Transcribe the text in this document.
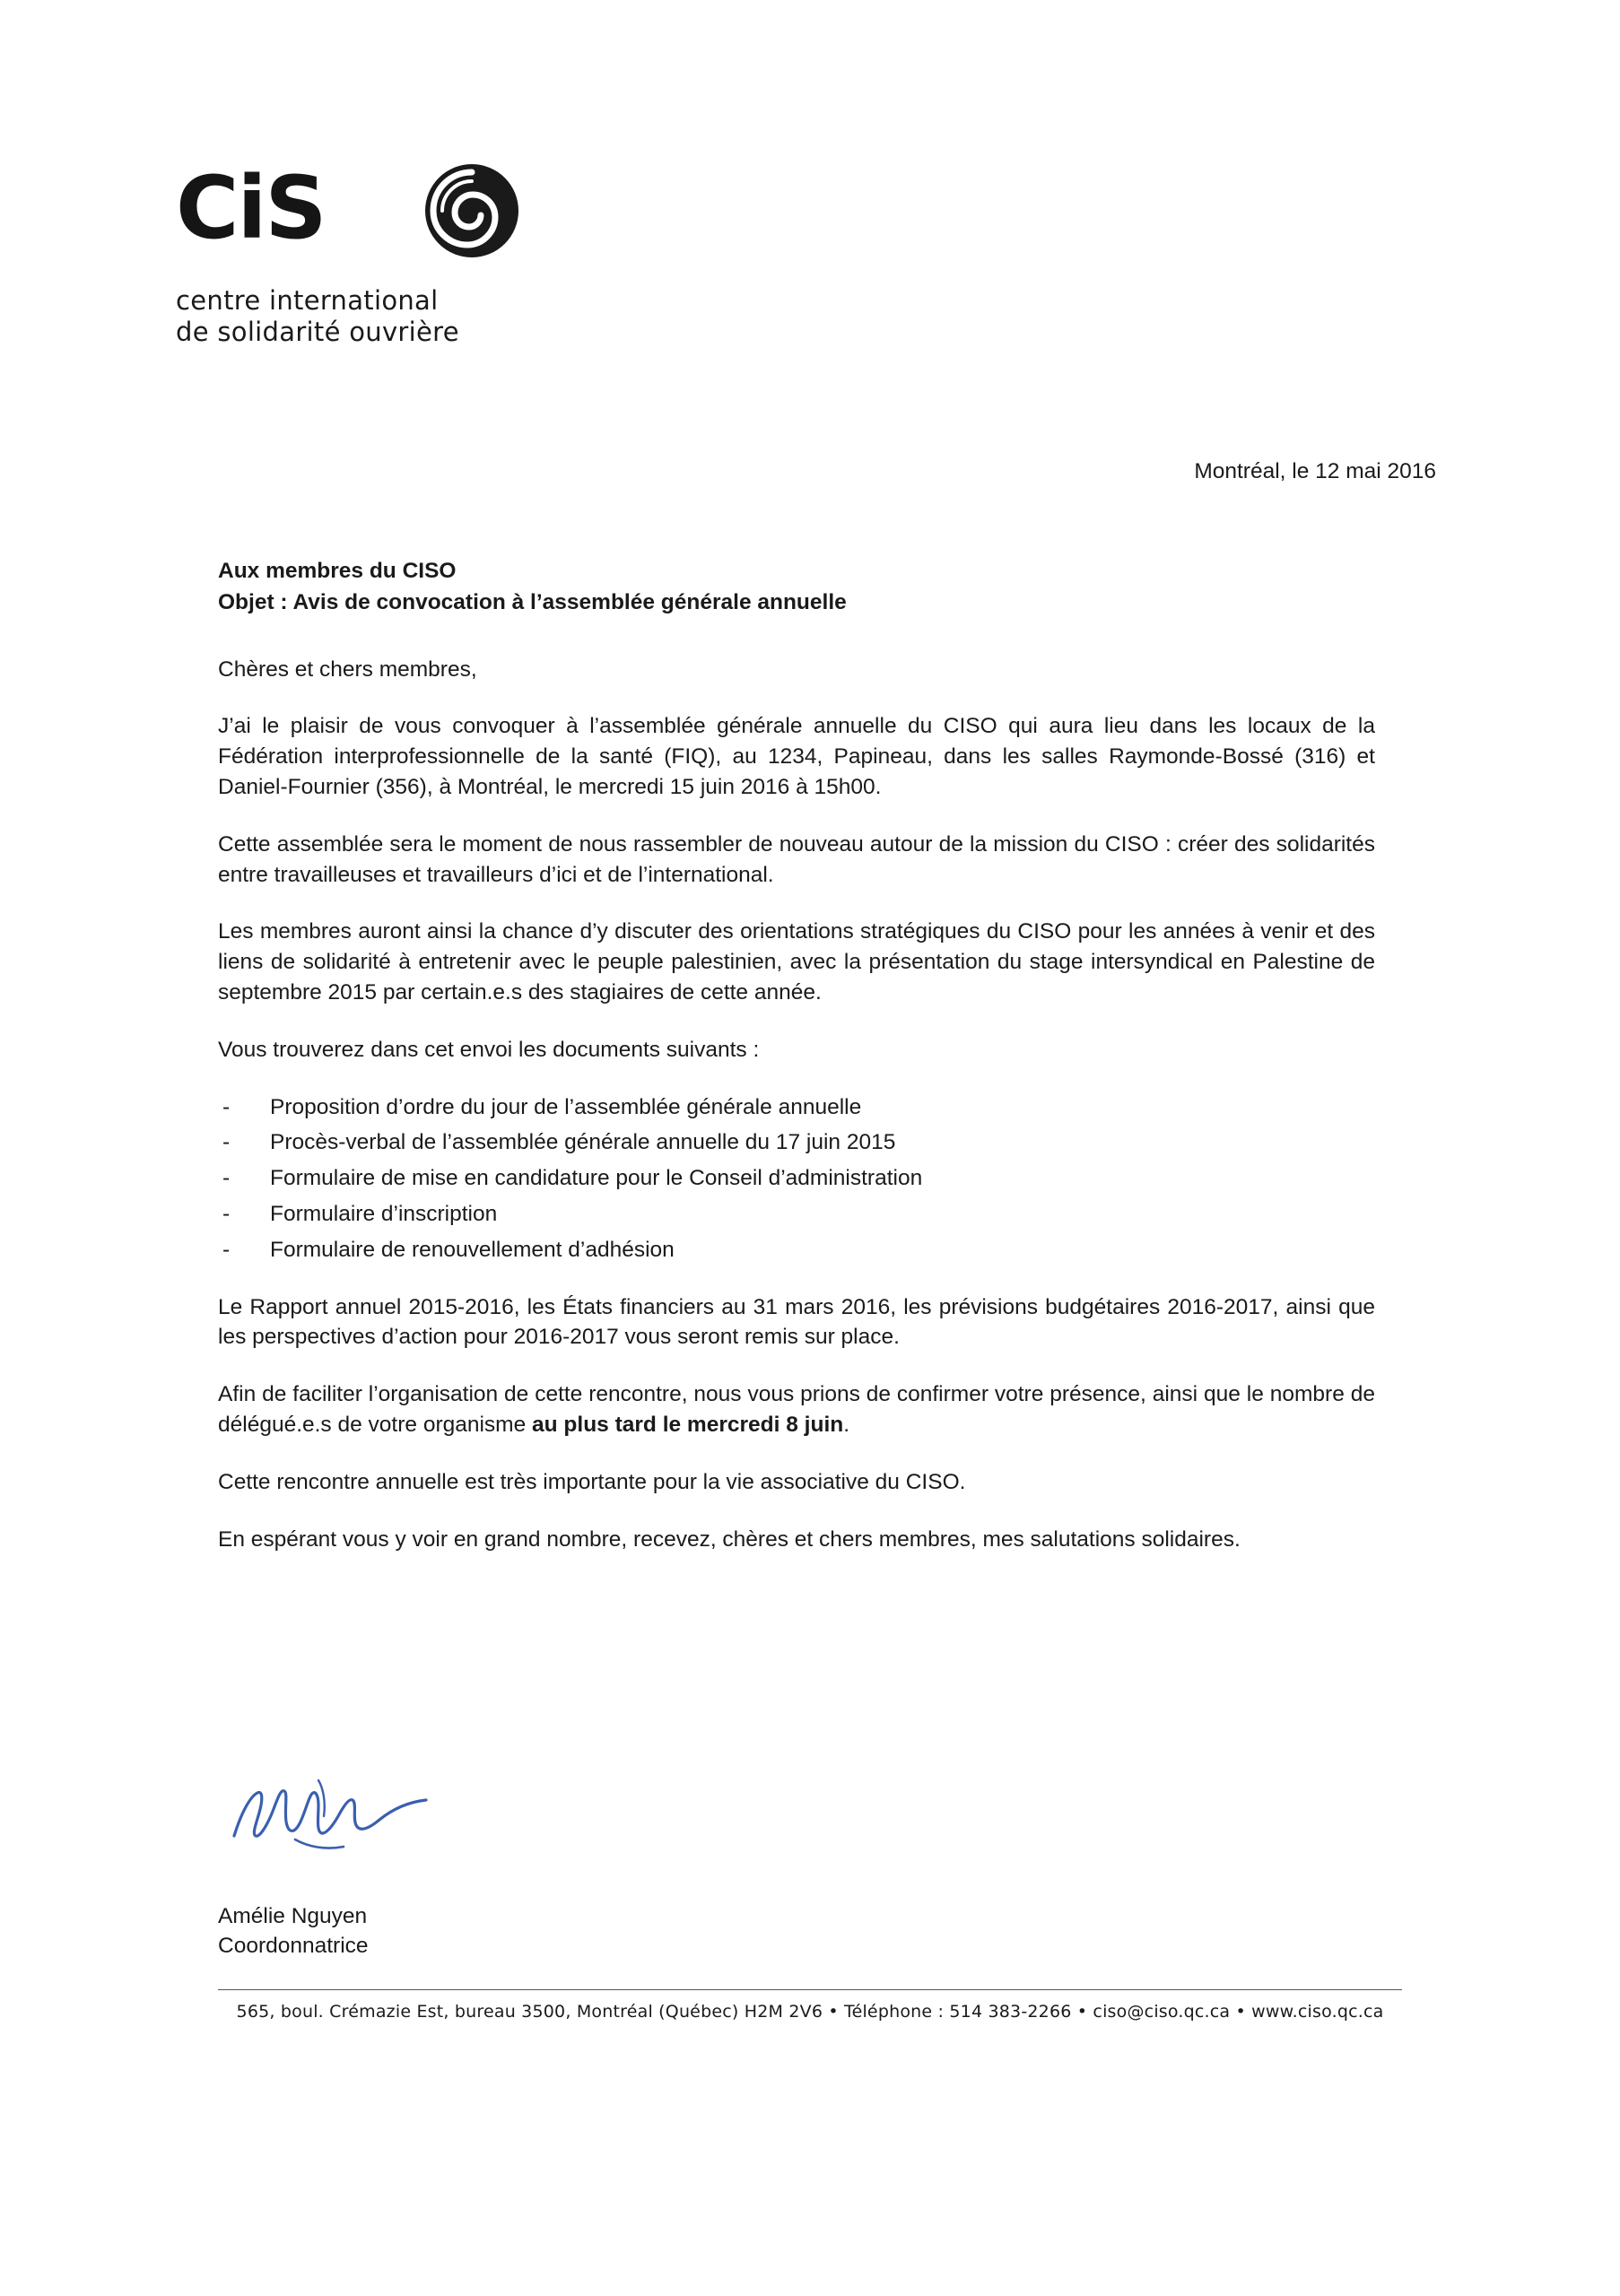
CiS
centre international
de solidarité ouvrière
Montréal, le 12 mai 2016

Aux membres du CISO
Objet : Avis de convocation à l’assemblée générale annuelle

Chères et chers membres,

J’ai le plaisir de vous convoquer à l’assemblée générale annuelle du CISO qui aura lieu dans les locaux de la Fédération interprofessionnelle de la santé (FIQ), au 1234, Papineau, dans les salles Raymonde-Bossé (316) et Daniel-Fournier (356), à Montréal, le mercredi 15 juin 2016 à 15h00.

Cette assemblée sera le moment de nous rassembler de nouveau autour de la mission du CISO : créer des solidarités entre travailleuses et travailleurs d’ici et de l’international.

Les membres auront ainsi la chance d’y discuter des orientations stratégiques du CISO pour les années à venir et des liens de solidarité à entretenir avec le peuple palestinien, avec la présentation du stage intersyndical en Palestine de septembre 2015 par certain.e.s des stagiaires de cette année.

Vous trouverez dans cet envoi les documents suivants :

- Proposition d’ordre du jour de l’assemblée générale annuelle
- Procès-verbal de l’assemblée générale annuelle du 17 juin 2015
- Formulaire de mise en candidature pour le Conseil d’administration
- Formulaire d’inscription
- Formulaire de renouvellement d’adhésion

Le Rapport annuel 2015-2016, les États financiers au 31 mars 2016, les prévisions budgétaires 2016-2017, ainsi que les perspectives d’action pour 2016-2017 vous seront remis sur place.

Afin de faciliter l’organisation de cette rencontre, nous vous prions de confirmer votre présence, ainsi que le nombre de délégué.e.s de votre organisme au plus tard le mercredi 8 juin.

Cette rencontre annuelle est très importante pour la vie associative du CISO.

En espérant vous y voir en grand nombre, recevez, chères et chers membres, mes salutations solidaires.

Amélie Nguyen
Coordonnatrice
565, boul. Crémazie Est, bureau 3500, Montréal (Québec) H2M 2V6 • Téléphone : 514 383-2266 • ciso@ciso.qc.ca • www.ciso.qc.ca
